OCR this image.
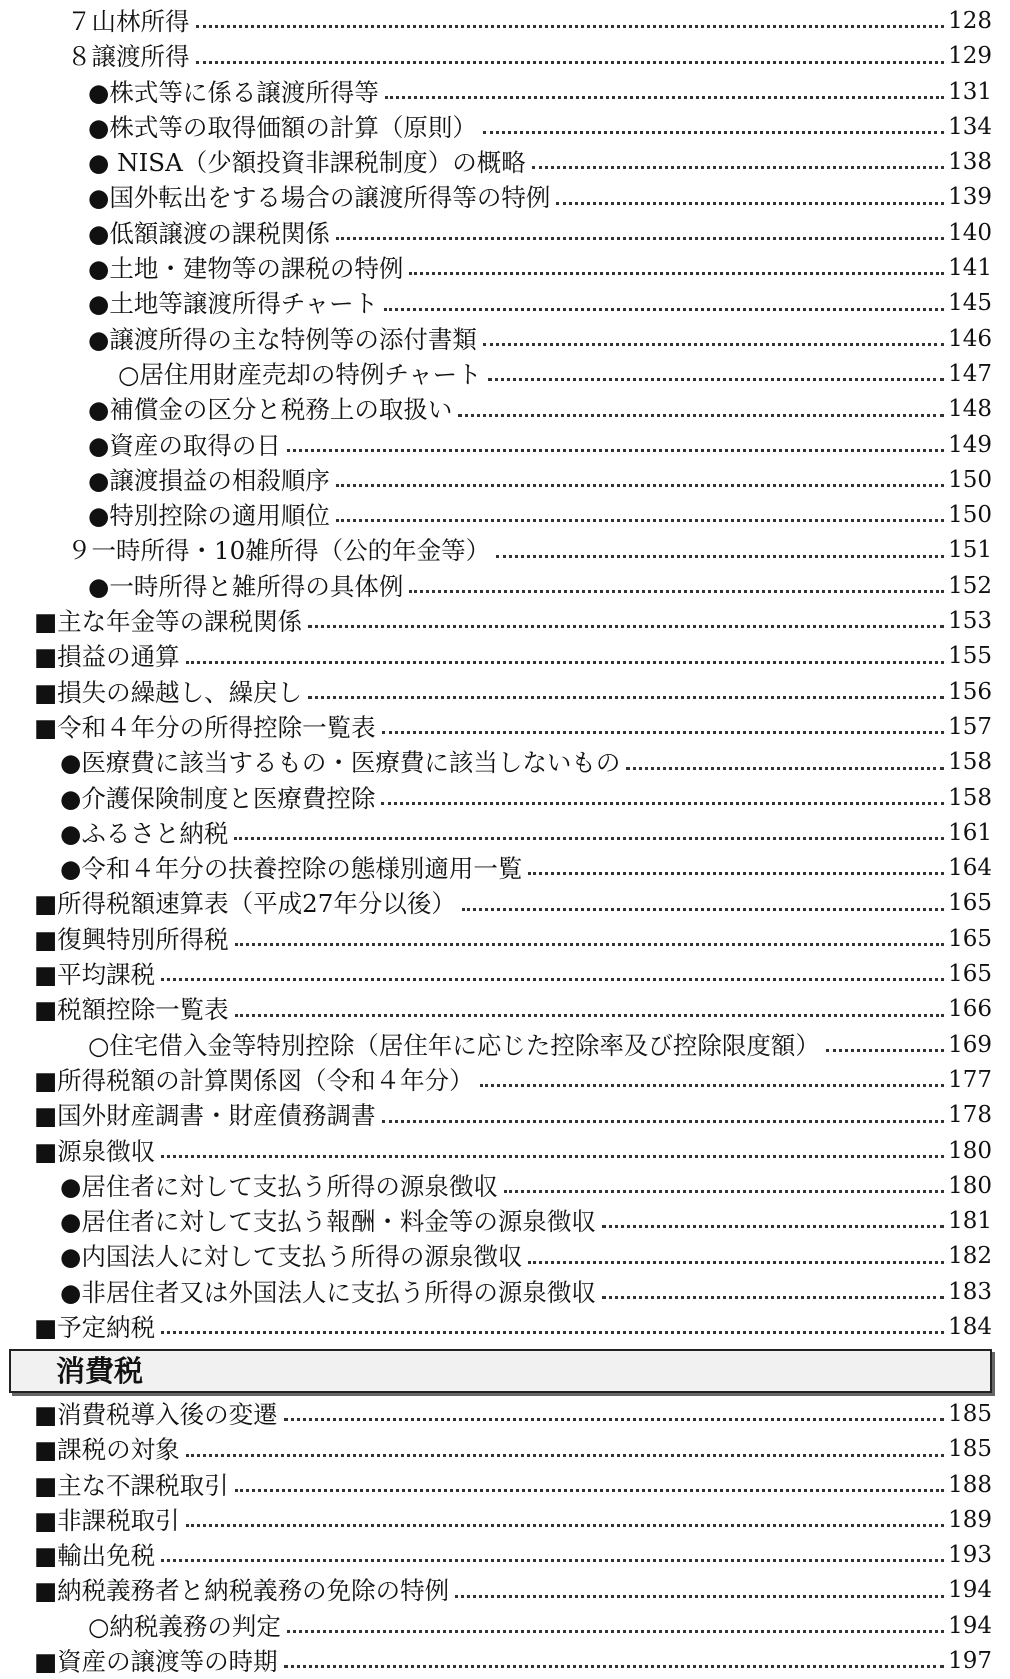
７山林所得	128
８譲渡所得	129
●株式等に係る譲渡所得等	131
●株式等の取得価額の計算（原則）	134
● NISA（少額投資非課税制度）の概略	138
●国外転出をする場合の譲渡所得等の特例	139
●低額譲渡の課税関係	140
●土地・建物等の課税の特例	141
●土地等譲渡所得チャート	145
●譲渡所得の主な特例等の添付書類	146
○居住用財産売却の特例チャート	147
●補償金の区分と税務上の取扱い	148
●資産の取得の日	149
●譲渡損益の相殺順序	150
●特別控除の適用順位	150
９一時所得・10雑所得（公的年金等）	151
●一時所得と雑所得の具体例	152
■主な年金等の課税関係	153
■損益の通算	155
■損失の繰越し、繰戻し	156
■令和４年分の所得控除一覧表	157
●医療費に該当するもの・医療費に該当しないもの	158
●介護保険制度と医療費控除	158
●ふるさと納税	161
●令和４年分の扶養控除の態様別適用一覧	164
■所得税額速算表（平成27年分以後）	165
■復興特別所得税	165
■平均課税	165
■税額控除一覧表	166
○住宅借入金等特別控除（居住年に応じた控除率及び控除限度額）	169
■所得税額の計算関係図（令和４年分）	177
■国外財産調書・財産債務調書	178
■源泉徴収	180
●居住者に対して支払う所得の源泉徴収	180
●居住者に対して支払う報酬・料金等の源泉徴収	181
●内国法人に対して支払う所得の源泉徴収	182
●非居住者又は外国法人に支払う所得の源泉徴収	183
■予定納税	184
消費税
■消費税導入後の変遷	185
■課税の対象	185
■主な不課税取引	188
■非課税取引	189
■輸出免税	193
■納税義務者と納税義務の免除の特例	194
○納税義務の判定	194
■資産の譲渡等の時期	197
